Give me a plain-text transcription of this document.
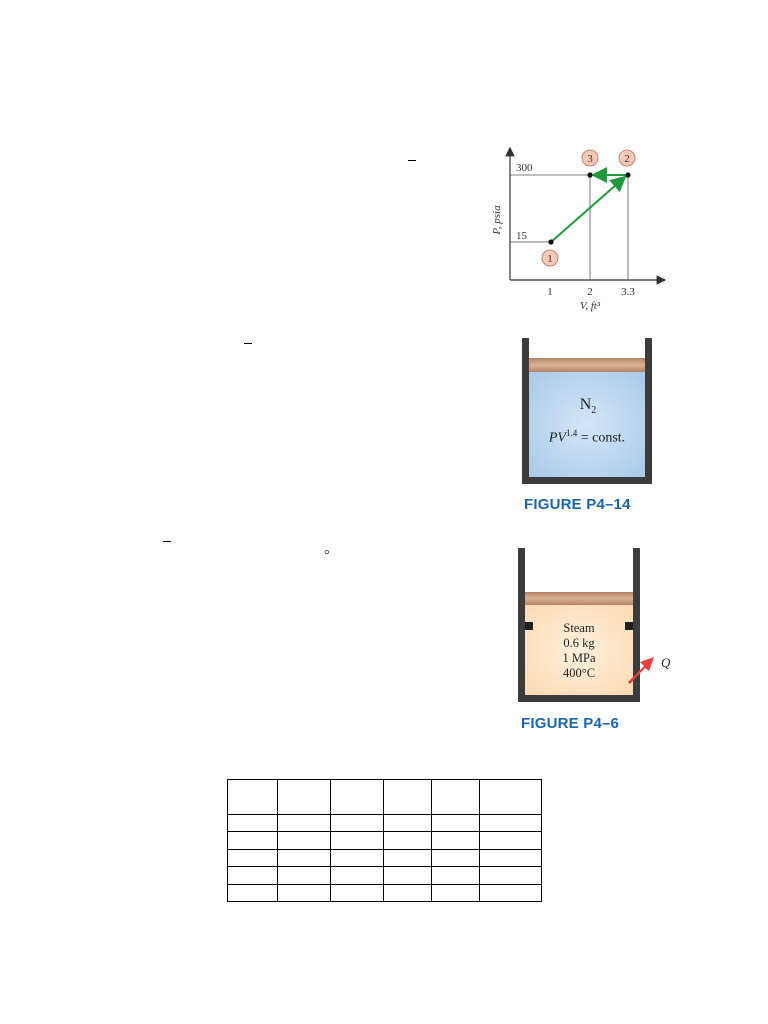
°
1
3	2
300
15
1	2	3.3
V, ft³
P, psia
$N_2$
$PV^{1.4}$ = const.
FIGURE P4–14
Steam
0.6 kg
1 MPa
400°C
Q
FIGURE P4–6
